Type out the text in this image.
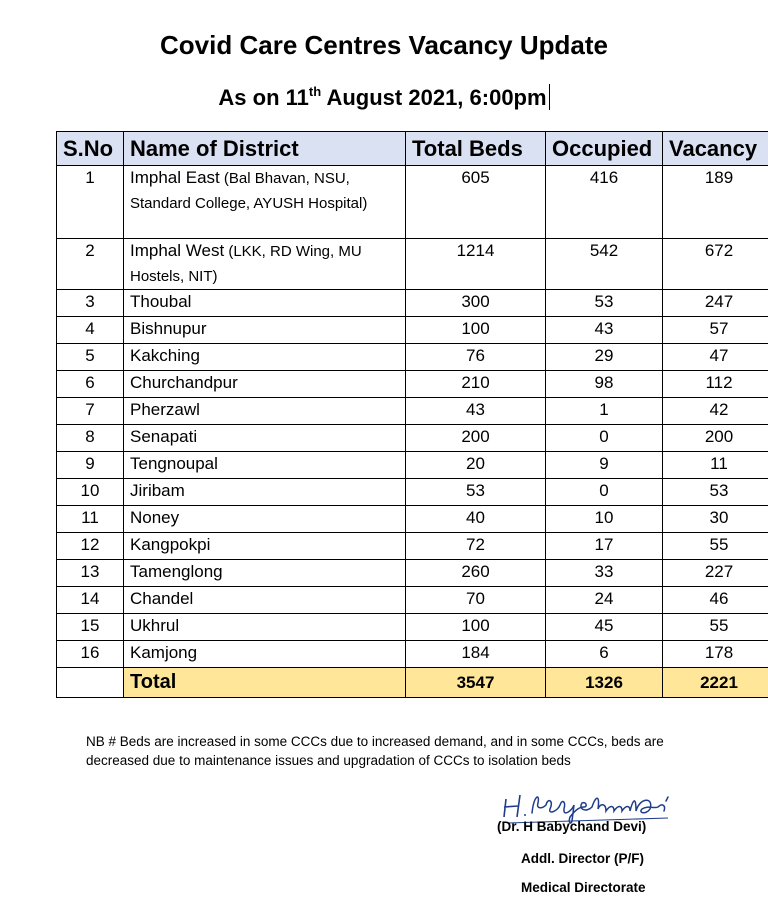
Covid Care Centres Vacancy Update
As on 11th August 2021, 6:00pm
S.No	Name of District	Total Beds	Occupied	Vacancy
1	Imphal East (Bal Bhavan, NSU, Standard College, AYUSH Hospital)	605	416	189
2	Imphal West (LKK, RD Wing, MU Hostels, NIT)	1214	542	672
3	Thoubal	300	53	247
4	Bishnupur	100	43	57
5	Kakching	76	29	47
6	Churchandpur	210	98	112
7	Pherzawl	43	1	42
8	Senapati	200	0	200
9	Tengnoupal	20	9	11
10	Jiribam	53	0	53
11	Noney	40	10	30
12	Kangpokpi	72	17	55
13	Tamenglong	260	33	227
14	Chandel	70	24	46
15	Ukhrul	100	45	55
16	Kamjong	184	6	178
	Total	3547	1326	2221
NB # Beds are increased in some CCCs due to increased demand, and in some CCCs, beds are decreased due to maintenance issues and upgradation of CCCs to isolation beds
(Dr. H Babychand Devi)
Addl. Director (P/F)
Medical Directorate
